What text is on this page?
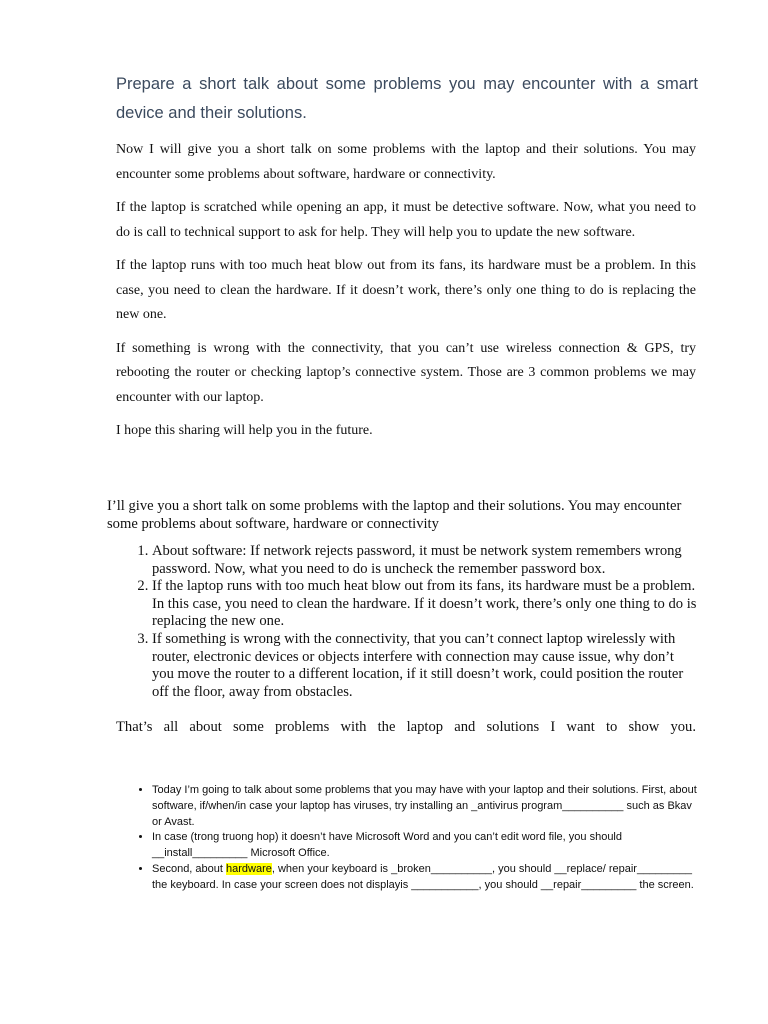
Prepare a short talk about some problems you may encounter with a smart device and their solutions.

Now I will give you a short talk on some problems with the laptop and their solutions. You may encounter some problems about software, hardware or connectivity.

If the laptop is scratched while opening an app, it must be detective software. Now, what you need to do is call to technical support to ask for help. They will help you to update the new software.

If the laptop runs with too much heat blow out from its fans, its hardware must be a problem. In this case, you need to clean the hardware. If it doesn’t work, there’s only one thing to do is replacing the new one.

If something is wrong with the connectivity, that you can’t use wireless connection & GPS, try rebooting the router or checking laptop’s connective system. Those are 3 common problems we may encounter with our laptop.

I hope this sharing will help you in the future.

I’ll give you a short talk on some problems with the laptop and their solutions. You may encounter some problems about software, hardware or connectivity

1. About software: If network rejects password, it must be network system remembers wrong password. Now, what you need to do is uncheck the remember password box.
2. If the laptop runs with too much heat blow out from its fans, its hardware must be a problem. In this case, you need to clean the hardware. If it doesn’t work, there’s only one thing to do is replacing the new one.
3. If something is wrong with the connectivity, that you can’t connect laptop wirelessly with router, electronic devices or objects interfere with connection may cause issue, why don’t you move the router to a different location, if it still doesn’t work, could position the router off the floor, away from obstacles.

That’s all about some problems with the laptop and solutions I want to show you.

• Today I’m going to talk about some problems that you may have with your laptop and their solutions. First, about software, if/when/in case your laptop has viruses, try installing an _antivirus program__________ such as Bkav or Avast.
• In case (trong truong hop) it doesn’t have Microsoft Word and you can’t edit word file, you should __install_________ Microsoft Office.
• Second, about hardware, when your keyboard is _broken__________, you should __replace/ repair_________ the keyboard. In case your screen does not displayis ___________, you should __repair_________ the screen.
